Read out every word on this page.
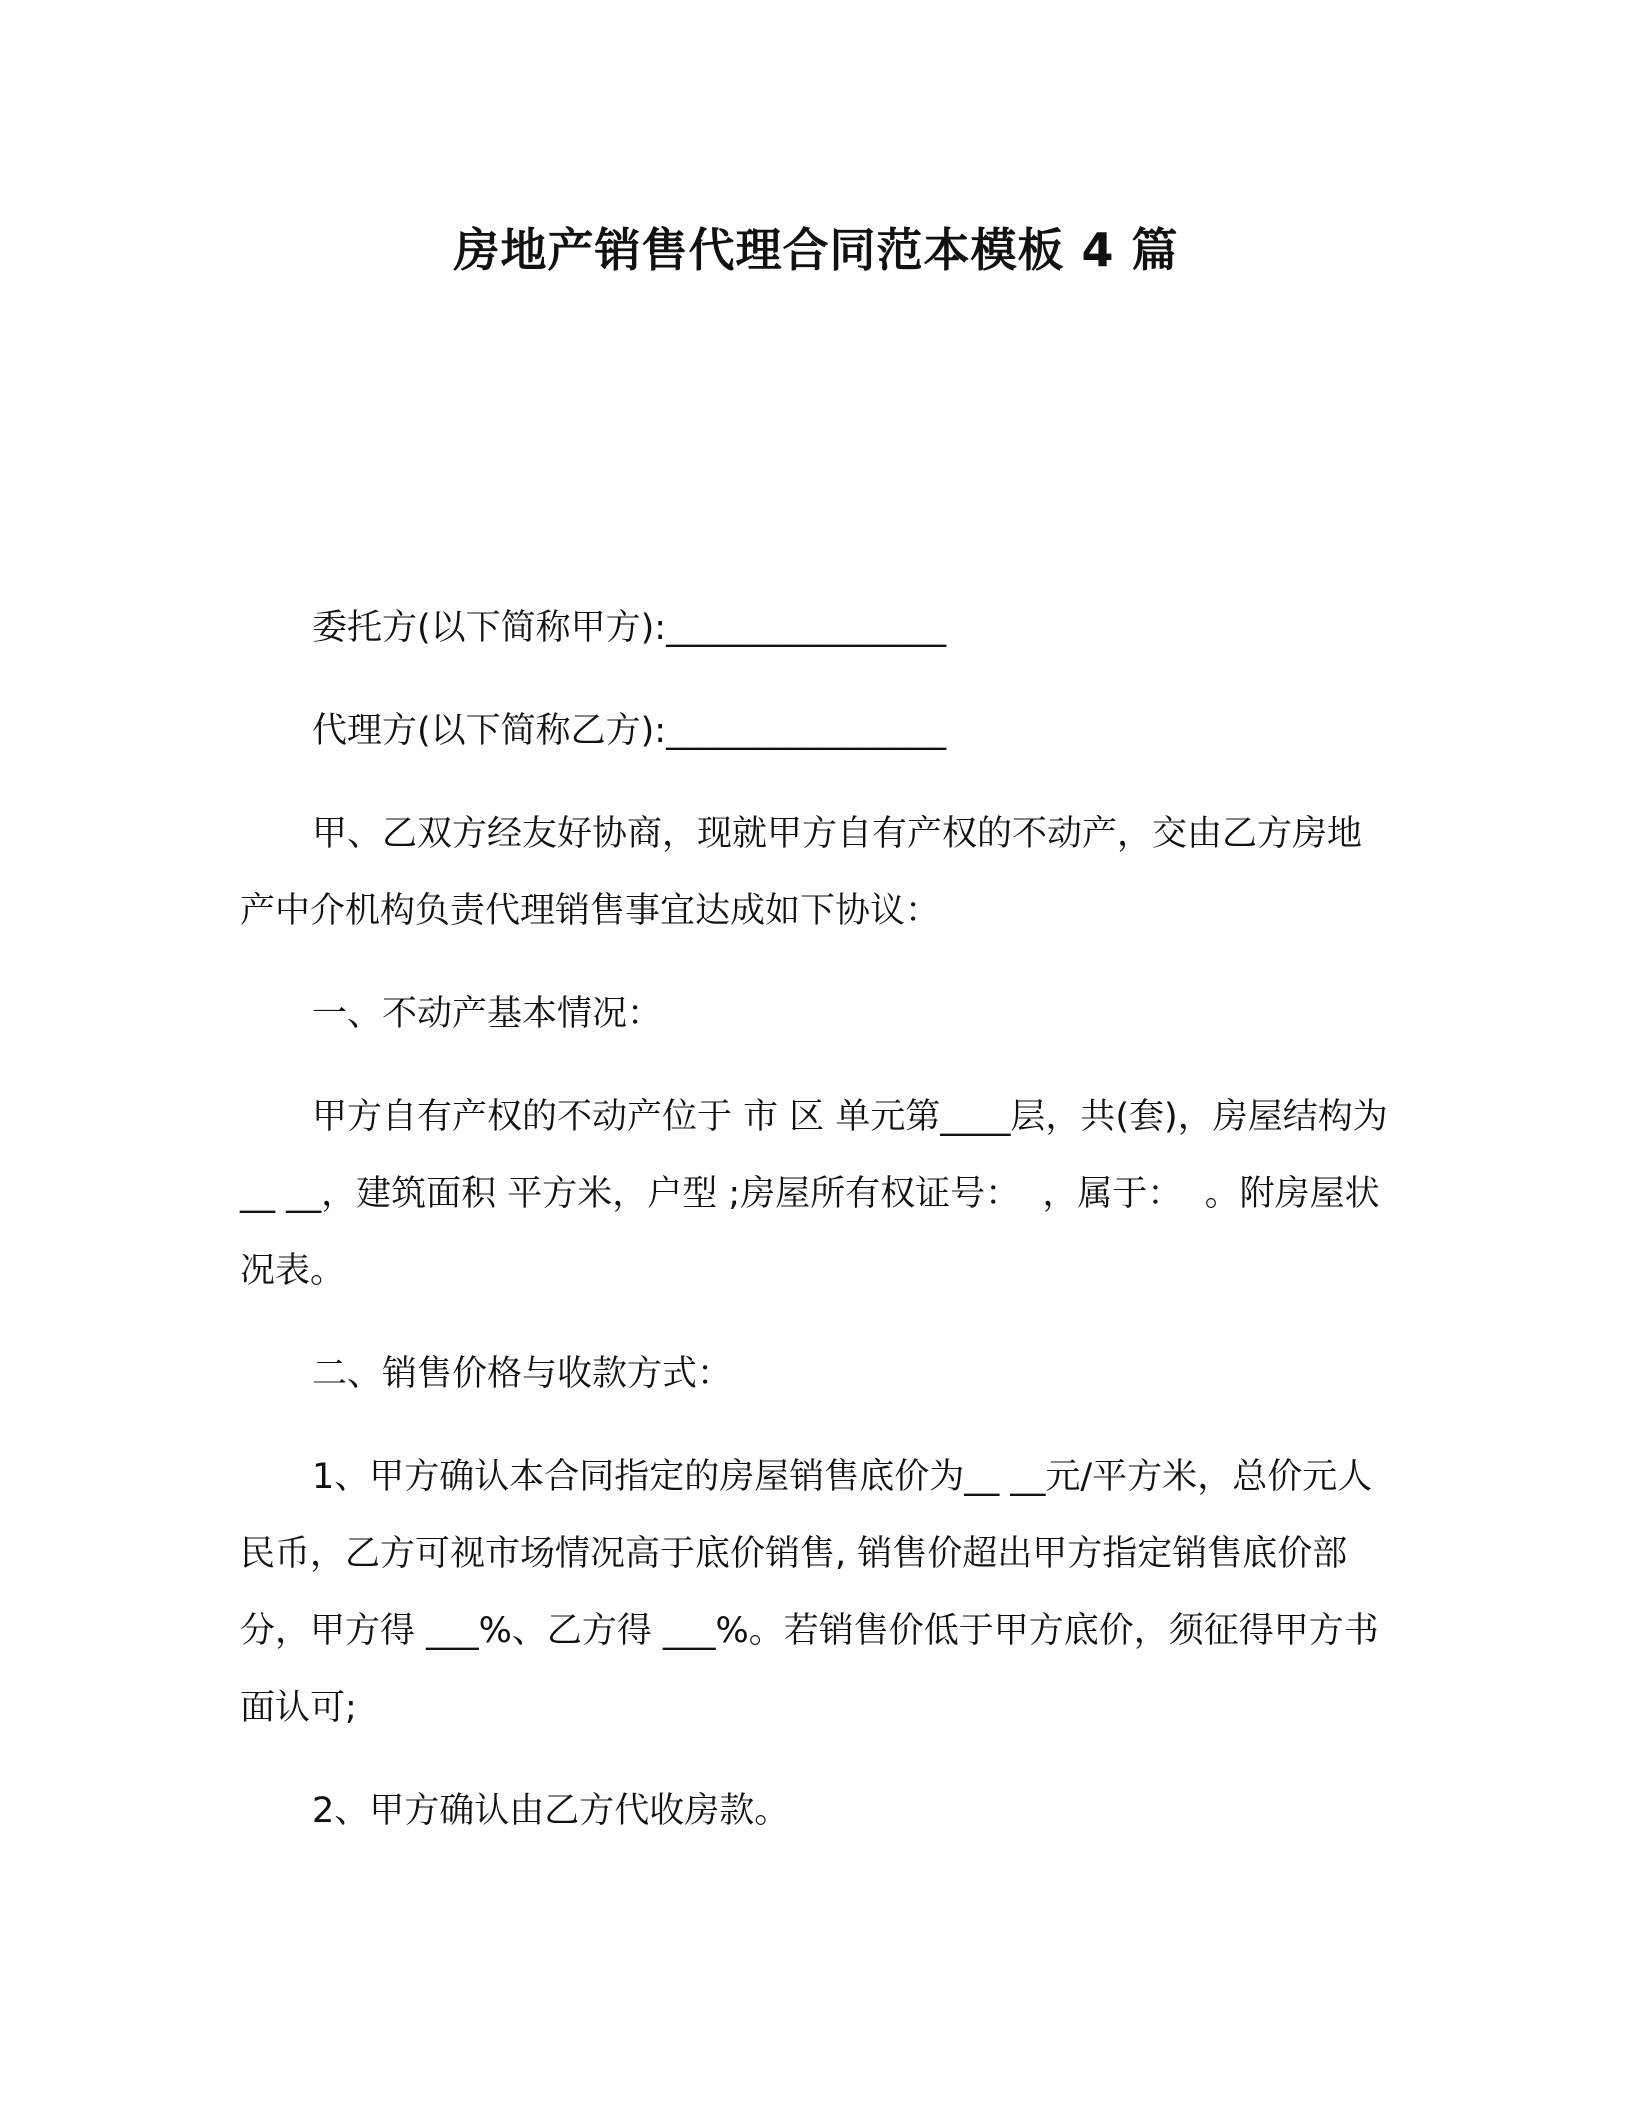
房地产销售代理合同范本模板 4 篇

委托方(以下简称甲方):________________

代理方(以下简称乙方):________________

甲、乙双方经友好协商，现就甲方自有产权的不动产，交由乙方房地产中介机构负责代理销售事宜达成如下协议：

一、不动产基本情况：

甲方自有产权的不动产位于 市 区 单元第____层，共(套)，房屋结构为__ __，建筑面积 平方米，户型 ;房屋所有权证号：  ，属于：  。附房屋状况表。

二、销售价格与收款方式：

1、甲方确认本合同指定的房屋销售底价为__ __元/平方米，总价元人民币，乙方可视市场情况高于底价销售, 销售价超出甲方指定销售底价部分，甲方得 ___%、乙方得 ___%。若销售价低于甲方底价，须征得甲方书面认可;

2、甲方确认由乙方代收房款。
